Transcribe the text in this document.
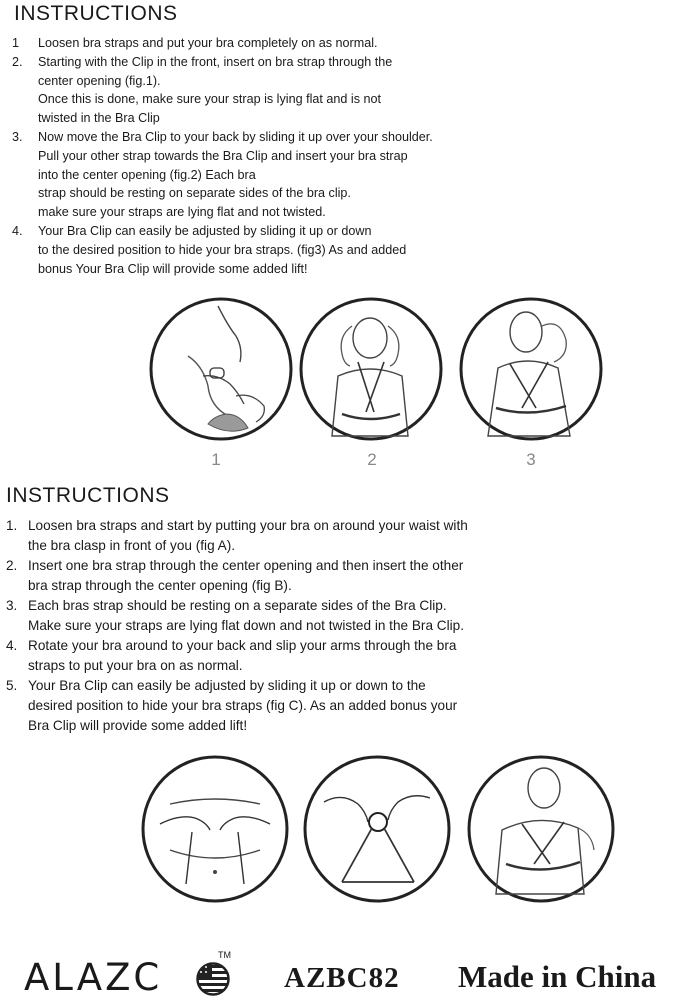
INSTRUCTIONS
1	Loosen bra straps and put your bra completely on as normal.
2.	Starting with the Clip in the front, insert on bra strap through the
center opening (fig.1).
Once this is done, make sure your strap is lying flat and is not
twisted in the Bra Clip
3.	Now move the Bra Clip to your back by sliding it up over your shoulder.
Pull your other strap towards the Bra Clip and insert your bra strap
into the center opening (fig.2) Each bra
strap should be resting on separate sides of the bra clip.
make sure your straps are lying flat and not twisted.
4.	Your Bra Clip can easily be adjusted by sliding it up or down
to the desired position to hide your bra straps. (fig3) As and added
bonus Your Bra Clip will provide some added lift!
1	2	3
INSTRUCTIONS
1. Loosen bra straps and start by putting your bra on around your waist with
the bra clasp in front of you (fig A).
2. Insert one bra strap through the center opening and then insert the other
bra strap through the center opening (fig B).
3. Each bras strap should be resting on a separate sides of the Bra Clip.
Make sure your straps are lying flat down and not twisted in the Bra Clip.
4. Rotate your bra around to your back and slip your arms through the bra
straps to put your bra on as normal.
5. Your Bra Clip can easily be adjusted by sliding it up or down to the
desired position to hide your bra straps (fig C). As an added bonus your
Bra Clip will provide some added lift!
ALAZC
TM
AZBC82 Made in China
